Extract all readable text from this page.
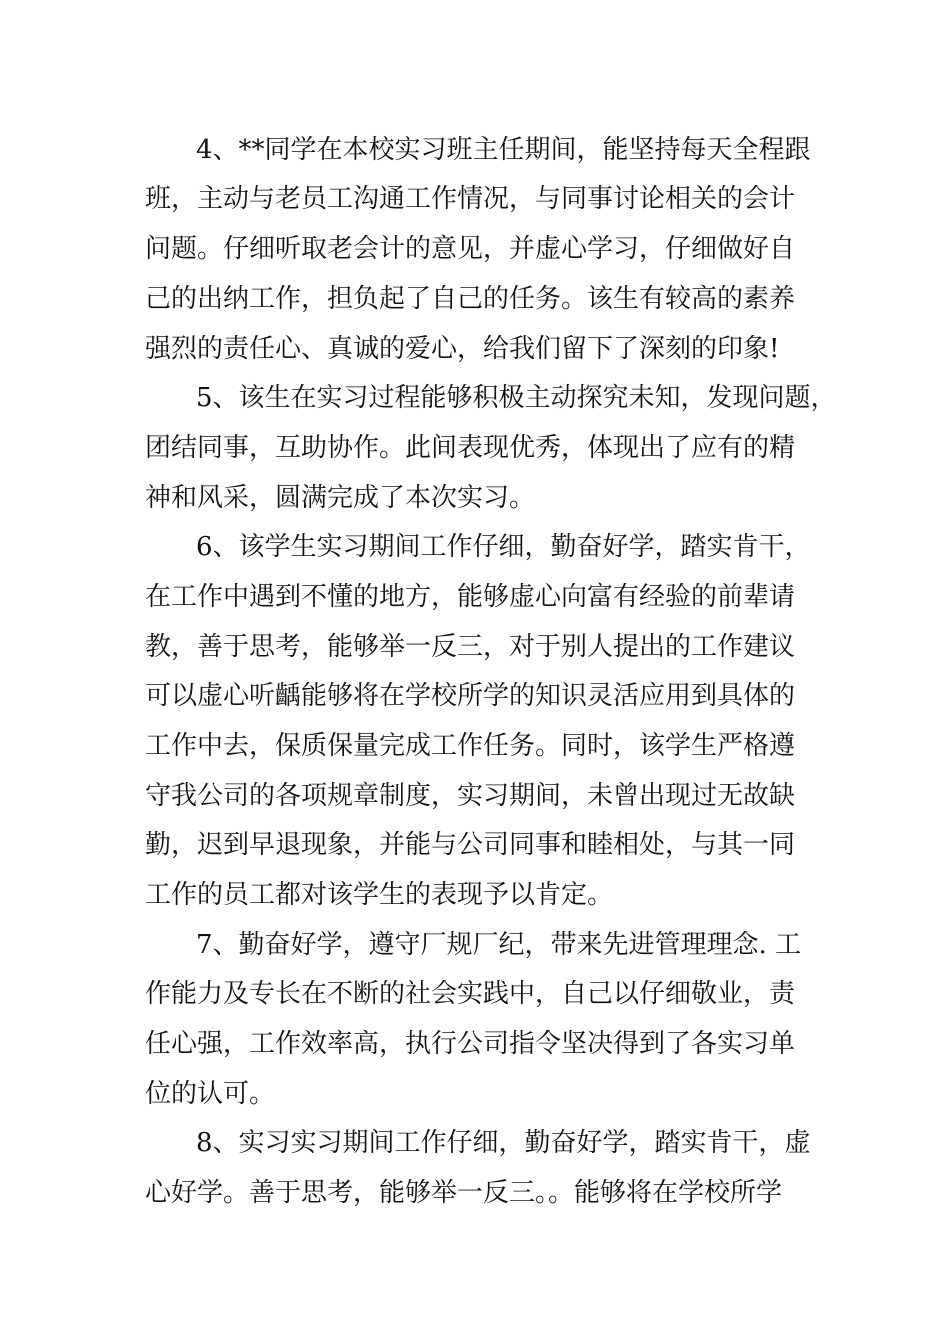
4、**同学在本校实习班主任期间，能坚持每天全程跟
班，主动与老员工沟通工作情况，与同事讨论相关的会计
问题。仔细听取老会计的意见，并虚心学习，仔细做好自
己的出纳工作，担负起了自己的任务。该生有较高的素养
强烈的责任心、真诚的爱心，给我们留下了深刻的印象!
5、该生在实习过程能够积极主动探究未知，发现问题，
团结同事，互助协作。此间表现优秀，体现出了应有的精
神和风采，圆满完成了本次实习。
6、该学生实习期间工作仔细，勤奋好学，踏实肯干，
在工作中遇到不懂的地方，能够虚心向富有经验的前辈请
教，善于思考，能够举一反三，对于别人提出的工作建议
可以虚心听齲能够将在学校所学的知识灵活应用到具体的
工作中去，保质保量完成工作任务。同时，该学生严格遵
守我公司的各项规章制度，实习期间，未曾出现过无故缺
勤，迟到早退现象，并能与公司同事和睦相处，与其一同
工作的员工都对该学生的表现予以肯定。
7、勤奋好学，遵守厂规厂纪，带来先进管理理念. 工
作能力及专长在不断的社会实践中，自己以仔细敬业，责
任心强，工作效率高，执行公司指令坚决得到了各实习单
位的认可。
8、实习实习期间工作仔细，勤奋好学，踏实肯干，虚
心好学。善于思考，能够举一反三。。能够将在学校所学
